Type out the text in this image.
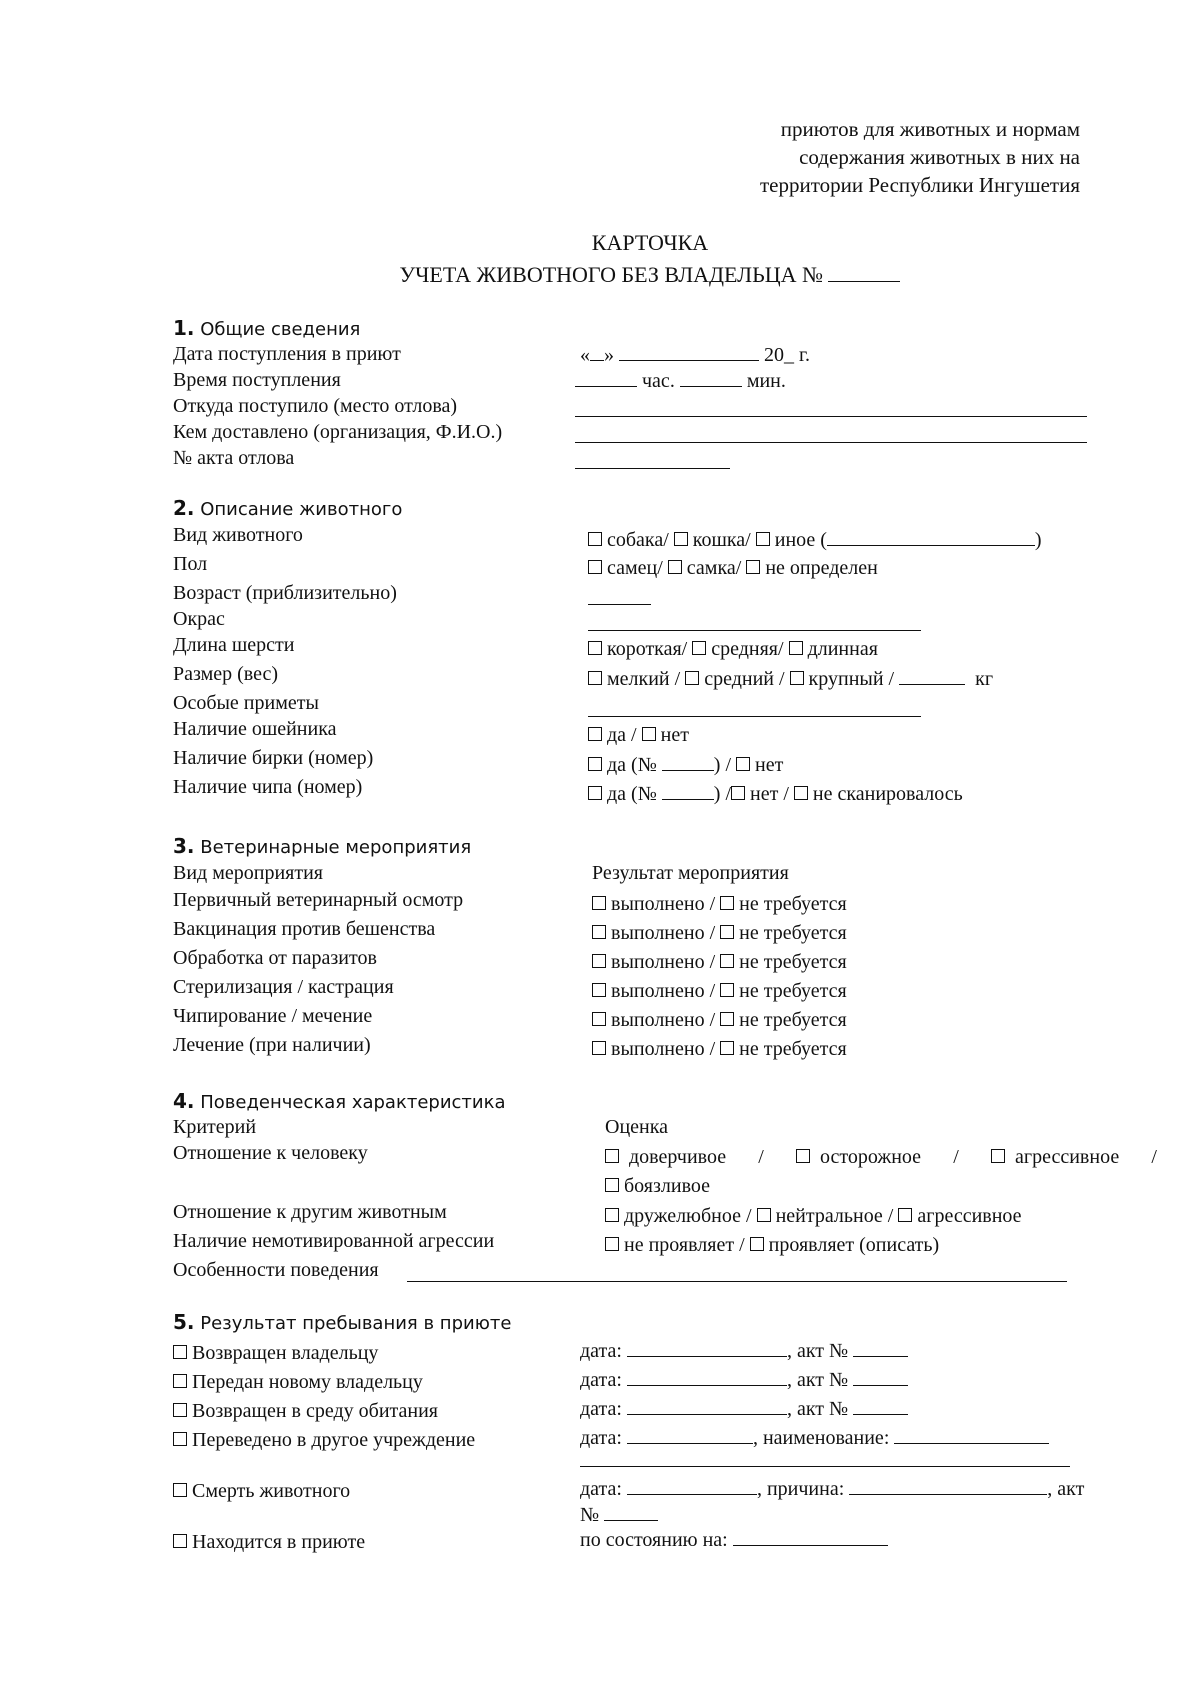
приютов для животных и нормам
содержания животных в них на
территории Республики Ингушетия
КАРТОЧКА
УЧЕТА ЖИВОТНОГО БЕЗ ВЛАДЕЛЬЦА №
1. Общие сведения
Дата поступления в приют	« »	20_ г.
Время поступления	час.	мин.
Откуда поступило (место отлова)
Кем доставлено (организация, Ф.И.О.)
№ акта отлова
2. Описание животного
Вид животного	собака/ кошка/ иное (	)
Пол	самец/ самка/ не определен
Возраст (приблизительно)
Окрас
Длина шерсти	короткая/ средняя/ длинная
Размер (вес)	мелкий / средний / крупный /	кг
Особые приметы
Наличие ошейника	да / нет
Наличие бирки (номер)	да (№	) / нет
Наличие чипа (номер)	да (№	) / нет / не сканировалось
3. Ветеринарные мероприятия
Вид мероприятия	Результат мероприятия
Первичный ветеринарный осмотр	выполнено / не требуется
Вакцинация против бешенства	выполнено / не требуется
Обработка от паразитов	выполнено / не требуется
Стерилизация / кастрация	выполнено / не требуется
Чипирование / мечение	выполнено / не требуется
Лечение (при наличии)	выполнено / не требуется
4. Поведенческая характеристика
Критерий	Оценка
Отношение к человеку	доверчивое /	осторожное /	агрессивное /
боязливое
Отношение к другим животным	дружелюбное / нейтральное / агрессивное
Наличие немотивированной агрессии	не проявляет / проявляет (описать)
Особенности поведения
5. Результат пребывания в приюте
Возвращен владельцу	дата:	, акт №
Передан новому владельцу	дата:	, акт №
Возвращен в среду обитания	дата:	, акт №
Переведено в другое учреждение	дата:	, наименование:
Смерть животного	дата:	, причина:	, акт
№
Находится в приюте	по состоянию на:
